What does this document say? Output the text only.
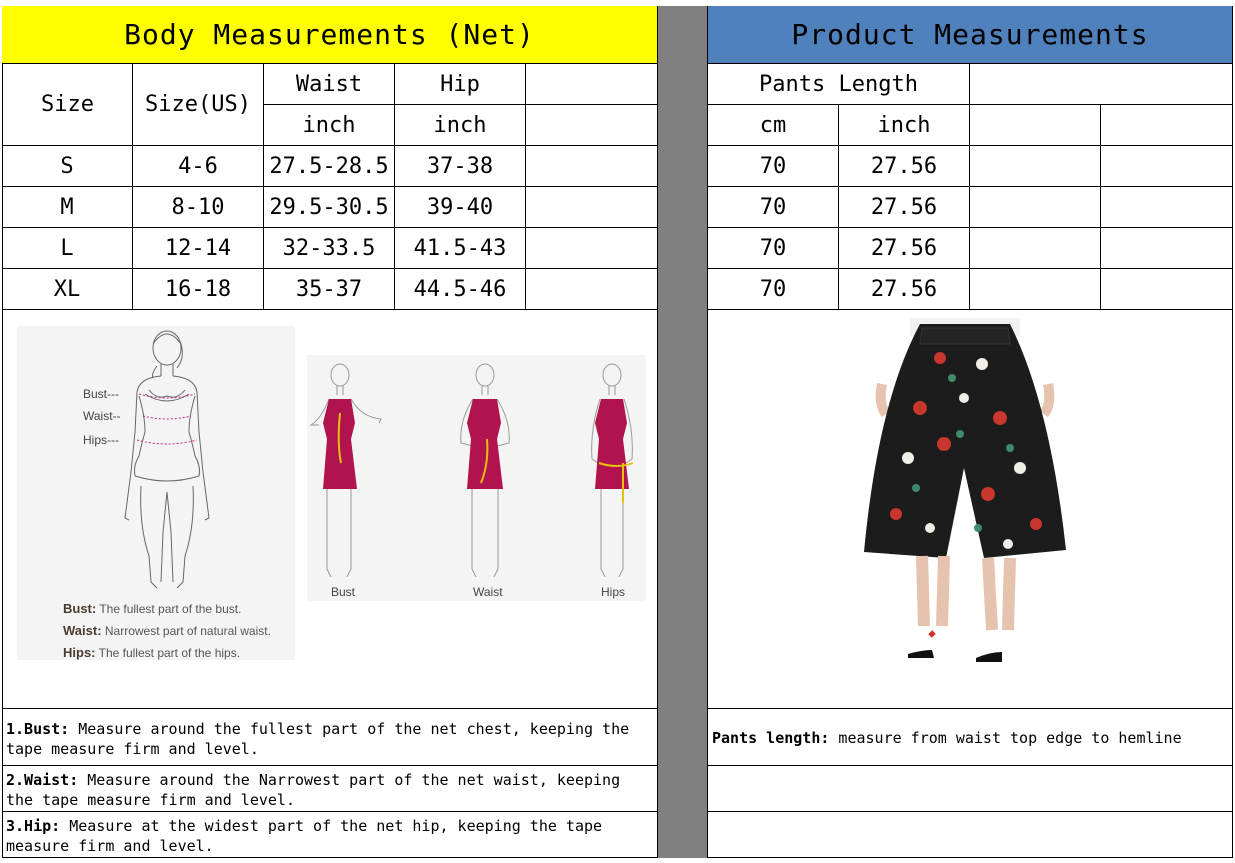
Body Measurements (Net)	Product Measurements
Size	Size(US)
Waist	Hip
inch	inch
Pants Length
cm	inch
S	4-6	27.5-28.5	37-38	70	27.56
M	8-10	29.5-30.5	39-40	70	27.56
L	12-14	32-33.5	41.5-43	70	27.56
XL	16-18	35-37	44.5-46	70	27.56
Bust---
Waist--
Hips---
Bust: The fullest part of the bust.
Waist: Narrowest part of natural waist.
Hips: The fullest part of the hips.
Bust	Waist	Hips
1.Bust: Measure around the fullest part of the net chest, keeping the tape measure firm and level.
2.Waist: Measure around the Narrowest part of the net waist, keeping the tape measure firm and level.
3.Hip: Measure at the widest part of the net hip, keeping the tape measure firm and level.
Pants length: measure from waist top edge to hemline
